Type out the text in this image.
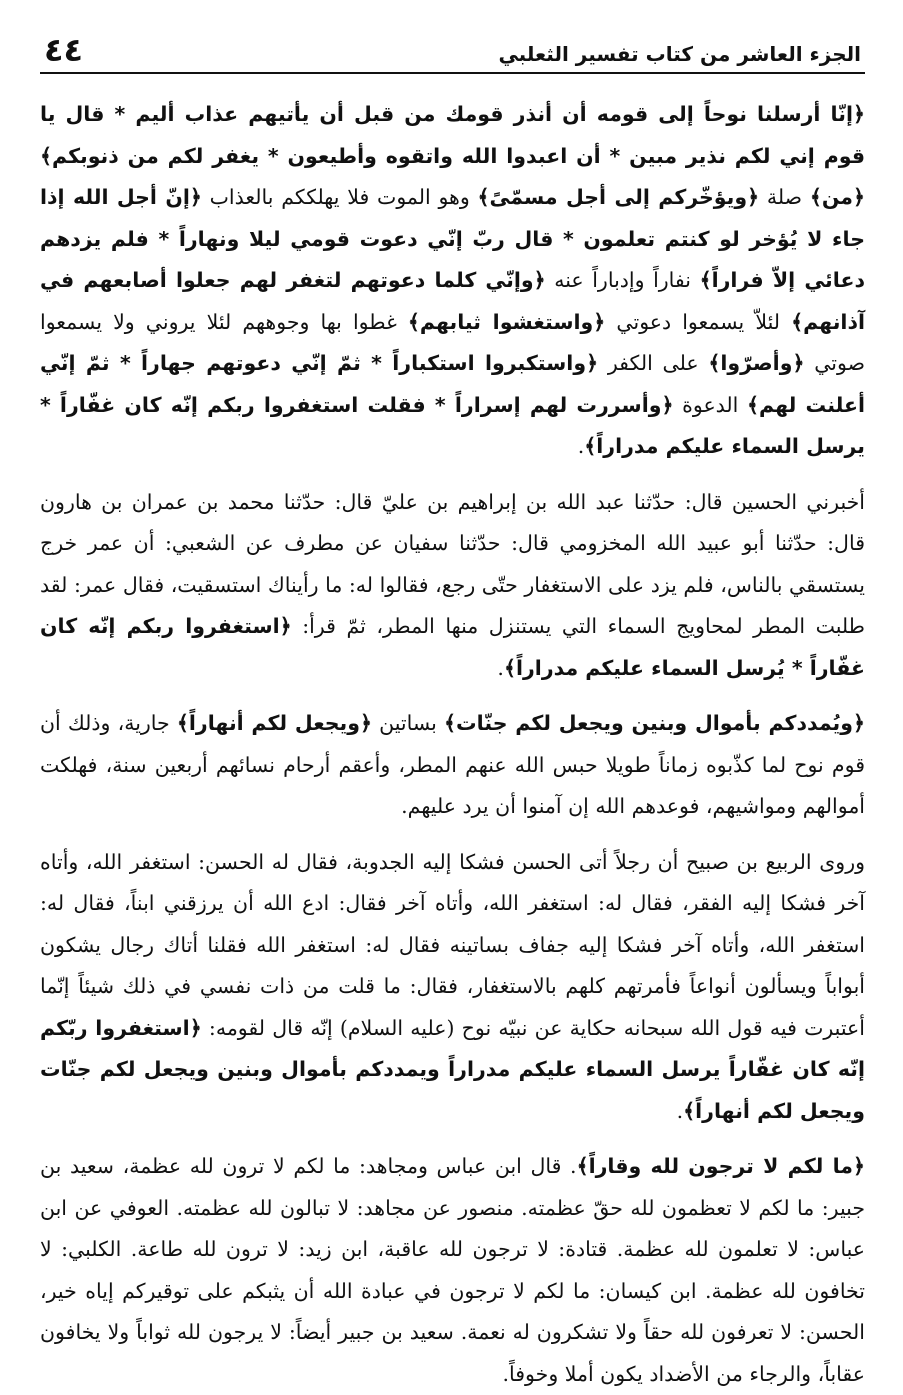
الجزء العاشر من كتاب تفسير الثعلبي
٤٤

﴿إنّا أرسلنا نوحاً إلى قومه أن أنذر قومك من قبل أن يأتيهم عذاب أليم * قال يا قوم إني لكم نذير مبين * أن اعبدوا الله واتقوه وأطيعون * يغفر لكم من ذنوبكم﴾ ﴿من﴾ صلة ﴿ويؤخّركم إلى أجل مسمّىً﴾ وهو الموت فلا يهلككم بالعذاب ﴿إنّ أجل الله إذا جاء لا يُؤخر لو كنتم تعلمون * قال ربّ إنّي دعوت قومي ليلا ونهاراً * فلم يزدهم دعائي إلاّ فراراً﴾ نفاراً وإدباراً عنه ﴿وإنّي كلما دعوتهم لتغفر لهم جعلوا أصابعهم في آذانهم﴾ لئلاّ يسمعوا دعوتي ﴿واستغشوا ثيابهم﴾ غطوا بها وجوههم لئلا يروني ولا يسمعوا صوتي ﴿وأصرّوا﴾ على الكفر ﴿واستكبروا استكباراً * ثمّ إنّي دعوتهم جهاراً * ثمّ إنّي أعلنت لهم﴾ الدعوة ﴿وأسررت لهم إسراراً * فقلت استغفروا ربكم إنّه كان غفّاراً * يرسل السماء عليكم مدراراً﴾.

أخبرني الحسين قال: حدّثنا عبد الله بن إبراهيم بن عليّ قال: حدّثنا محمد بن عمران بن هارون قال: حدّثنا أبو عبيد الله المخزومي قال: حدّثنا سفيان عن مطرف عن الشعبي: أن عمر خرج يستسقي بالناس، فلم يزد على الاستغفار حتّى رجع، فقالوا له: ما رأيناك استسقيت، فقال عمر: لقد طلبت المطر لمحاويج السماء التي يستنزل منها المطر، ثمّ قرأ: ﴿استغفروا ربكم إنّه كان غفّاراً * يُرسل السماء عليكم مدراراً﴾.

﴿ويُمددكم بأموال وبنين ويجعل لكم جنّات﴾ بساتين ﴿ويجعل لكم أنهاراً﴾ جارية، وذلك أن قوم نوح لما كذّبوه زماناً طويلا حبس الله عنهم المطر، وأعقم أرحام نسائهم أربعين سنة، فهلكت أموالهم ومواشيهم، فوعدهم الله إن آمنوا أن يرد عليهم.

وروى الربيع بن صبيح أن رجلاً أتى الحسن فشكا إليه الجدوبة، فقال له الحسن: استغفر الله، وأتاه آخر فشكا إليه الفقر، فقال له: استغفر الله، وأتاه آخر فقال: ادع الله أن يرزقني ابناً، فقال له: استغفر الله، وأتاه آخر فشكا إليه جفاف بساتينه فقال له: استغفر الله فقلنا أتاك رجال يشكون أبواباً ويسألون أنواعاً فأمرتهم كلهم بالاستغفار، فقال: ما قلت من ذات نفسي في ذلك شيئاً إنّما أعتبرت فيه قول الله سبحانه حكاية عن نبيّه نوح (عليه السلام) إنّه قال لقومه: ﴿استغفروا ربّكم إنّه كان غفّاراً يرسل السماء عليكم مدراراً ويمددكم بأموال وبنين ويجعل لكم جنّات ويجعل لكم أنهاراً﴾.

﴿ما لكم لا ترجون لله وقاراً﴾. قال ابن عباس ومجاهد: ما لكم لا ترون لله عظمة، سعيد بن جبير: ما لكم لا تعظمون لله حقّ عظمته. منصور عن مجاهد: لا تبالون لله عظمته. العوفي عن ابن عباس: لا تعلمون لله عظمة. قتادة: لا ترجون لله عاقبة، ابن زيد: لا ترون لله طاعة. الكلبي: لا تخافون لله عظمة. ابن كيسان: ما لكم لا ترجون في عبادة الله أن يثبكم على توقيركم إياه خير، الحسن: لا تعرفون لله حقاً ولا تشكرون له نعمة. سعيد بن جبير أيضاً: لا يرجون لله ثواباً ولا يخافون عقاباً، والرجاء من الأضداد يكون أملا وخوفاً.
